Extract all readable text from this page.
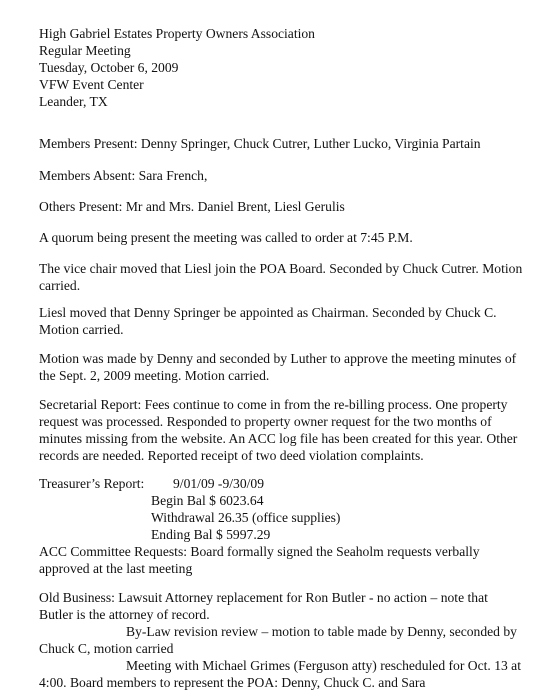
High Gabriel Estates Property Owners Association
Regular Meeting
Tuesday, October 6, 2009
VFW Event Center
Leander, TX
Members Present: Denny Springer, Chuck Cutrer, Luther Lucko, Virginia Partain
Members Absent: Sara French,
Others Present: Mr and Mrs. Daniel Brent, Liesl Gerulis
A quorum being present the meeting was called to order at 7:45 P.M.
The vice chair moved that Liesl join the POA Board. Seconded by Chuck Cutrer. Motion
carried.
Liesl moved that Denny Springer be appointed as Chairman. Seconded by Chuck C.
Motion carried.
Motion was made by Denny and seconded by Luther to approve the meeting minutes of
the Sept. 2, 2009 meeting. Motion carried.
Secretarial Report: Fees continue to come in from the re-billing process. One property
request was processed. Responded to property owner request for the two months of
minutes missing from the website. An ACC log file has been created for this year. Other
records are needed. Reported receipt of two deed violation complaints.
Treasurer’s Report: 9/01/09 -9/30/09
Begin Bal $ 6023.64
Withdrawal 26.35 (office supplies)
Ending Bal $ 5997.29
ACC Committee Requests: Board formally signed the Seaholm requests verbally
approved at the last meeting
Old Business: Lawsuit Attorney replacement for Ron Butler - no action – note that
Butler is the attorney of record.
By-Law revision review – motion to table made by Denny, seconded by
Chuck C, motion carried
Meeting with Michael Grimes (Ferguson atty) rescheduled for Oct. 13 at
4:00. Board members to represent the POA: Denny, Chuck C. and Sara
